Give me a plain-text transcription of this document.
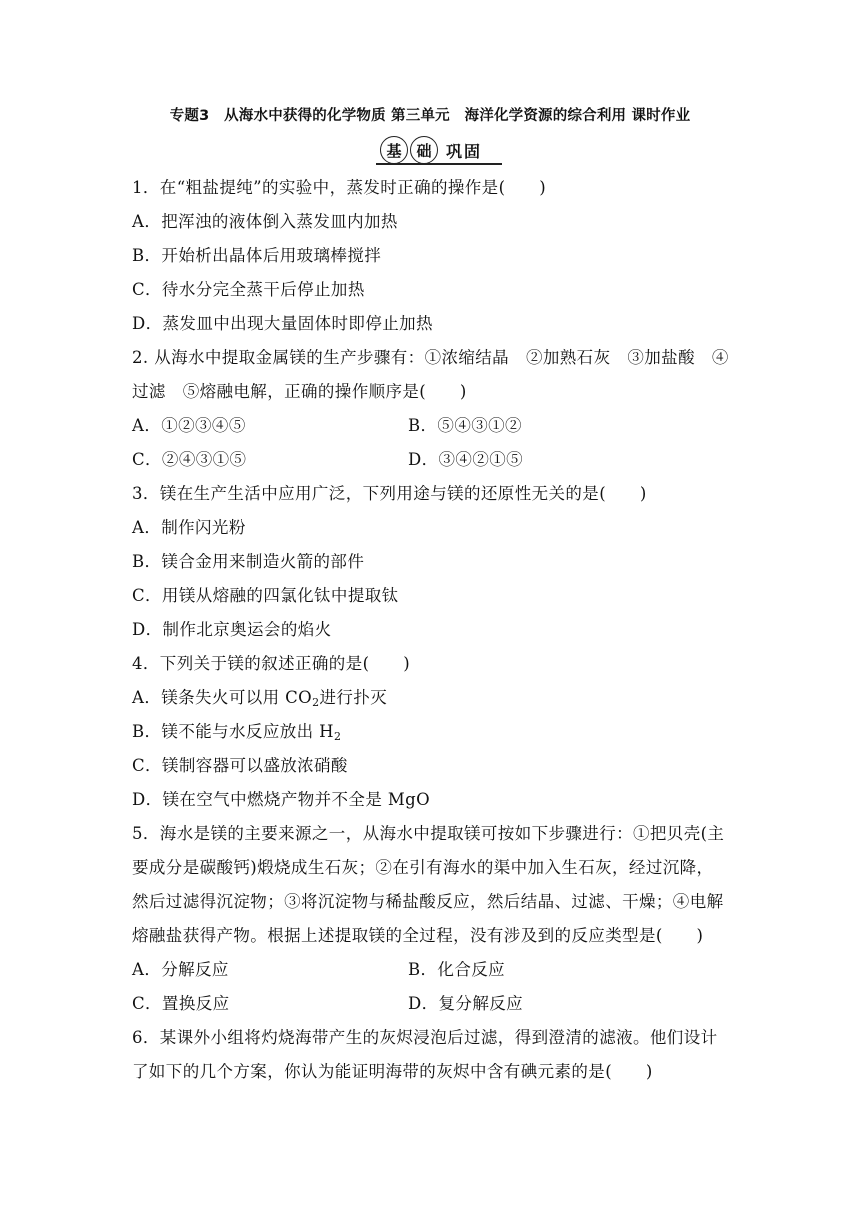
专题3　从海水中获得的化学物质 第三单元　海洋化学资源的综合利用 课时作业
基 础 巩固
1．在“粗盐提纯”的实验中，蒸发时正确的操作是(　　)
A．把浑浊的液体倒入蒸发皿内加热
B．开始析出晶体后用玻璃棒搅拌
C．待水分完全蒸干后停止加热
D．蒸发皿中出现大量固体时即停止加热
2. 从海水中提取金属镁的生产步骤有：①浓缩结晶　②加熟石灰　③加盐酸　④
过滤　⑤熔融电解，正确的操作顺序是(　　)
A．①②③④⑤	B．⑤④③①②
C．②④③①⑤	D．③④②①⑤
3．镁在生产生活中应用广泛，下列用途与镁的还原性无关的是(　　)
A．制作闪光粉
B．镁合金用来制造火箭的部件
C．用镁从熔融的四氯化钛中提取钛
D．制作北京奥运会的焰火
4．下列关于镁的叙述正确的是(　　)
A．镁条失火可以用 $CO_2$进行扑灭
B．镁不能与水反应放出 $H_2$
C．镁制容器可以盛放浓硝酸
D．镁在空气中燃烧产物并不全是 MgO
5．海水是镁的主要来源之一，从海水中提取镁可按如下步骤进行：①把贝壳(主
要成分是碳酸钙)煅烧成生石灰；②在引有海水的渠中加入生石灰，经过沉降，
然后过滤得沉淀物；③将沉淀物与稀盐酸反应，然后结晶、过滤、干燥；④电解
熔融盐获得产物。根据上述提取镁的全过程，没有涉及到的反应类型是(　　)
A．分解反应	B．化合反应
C．置换反应	D．复分解反应
6．某课外小组将灼烧海带产生的灰烬浸泡后过滤，得到澄清的滤液。他们设计
了如下的几个方案，你认为能证明海带的灰烬中含有碘元素的是(　　)
